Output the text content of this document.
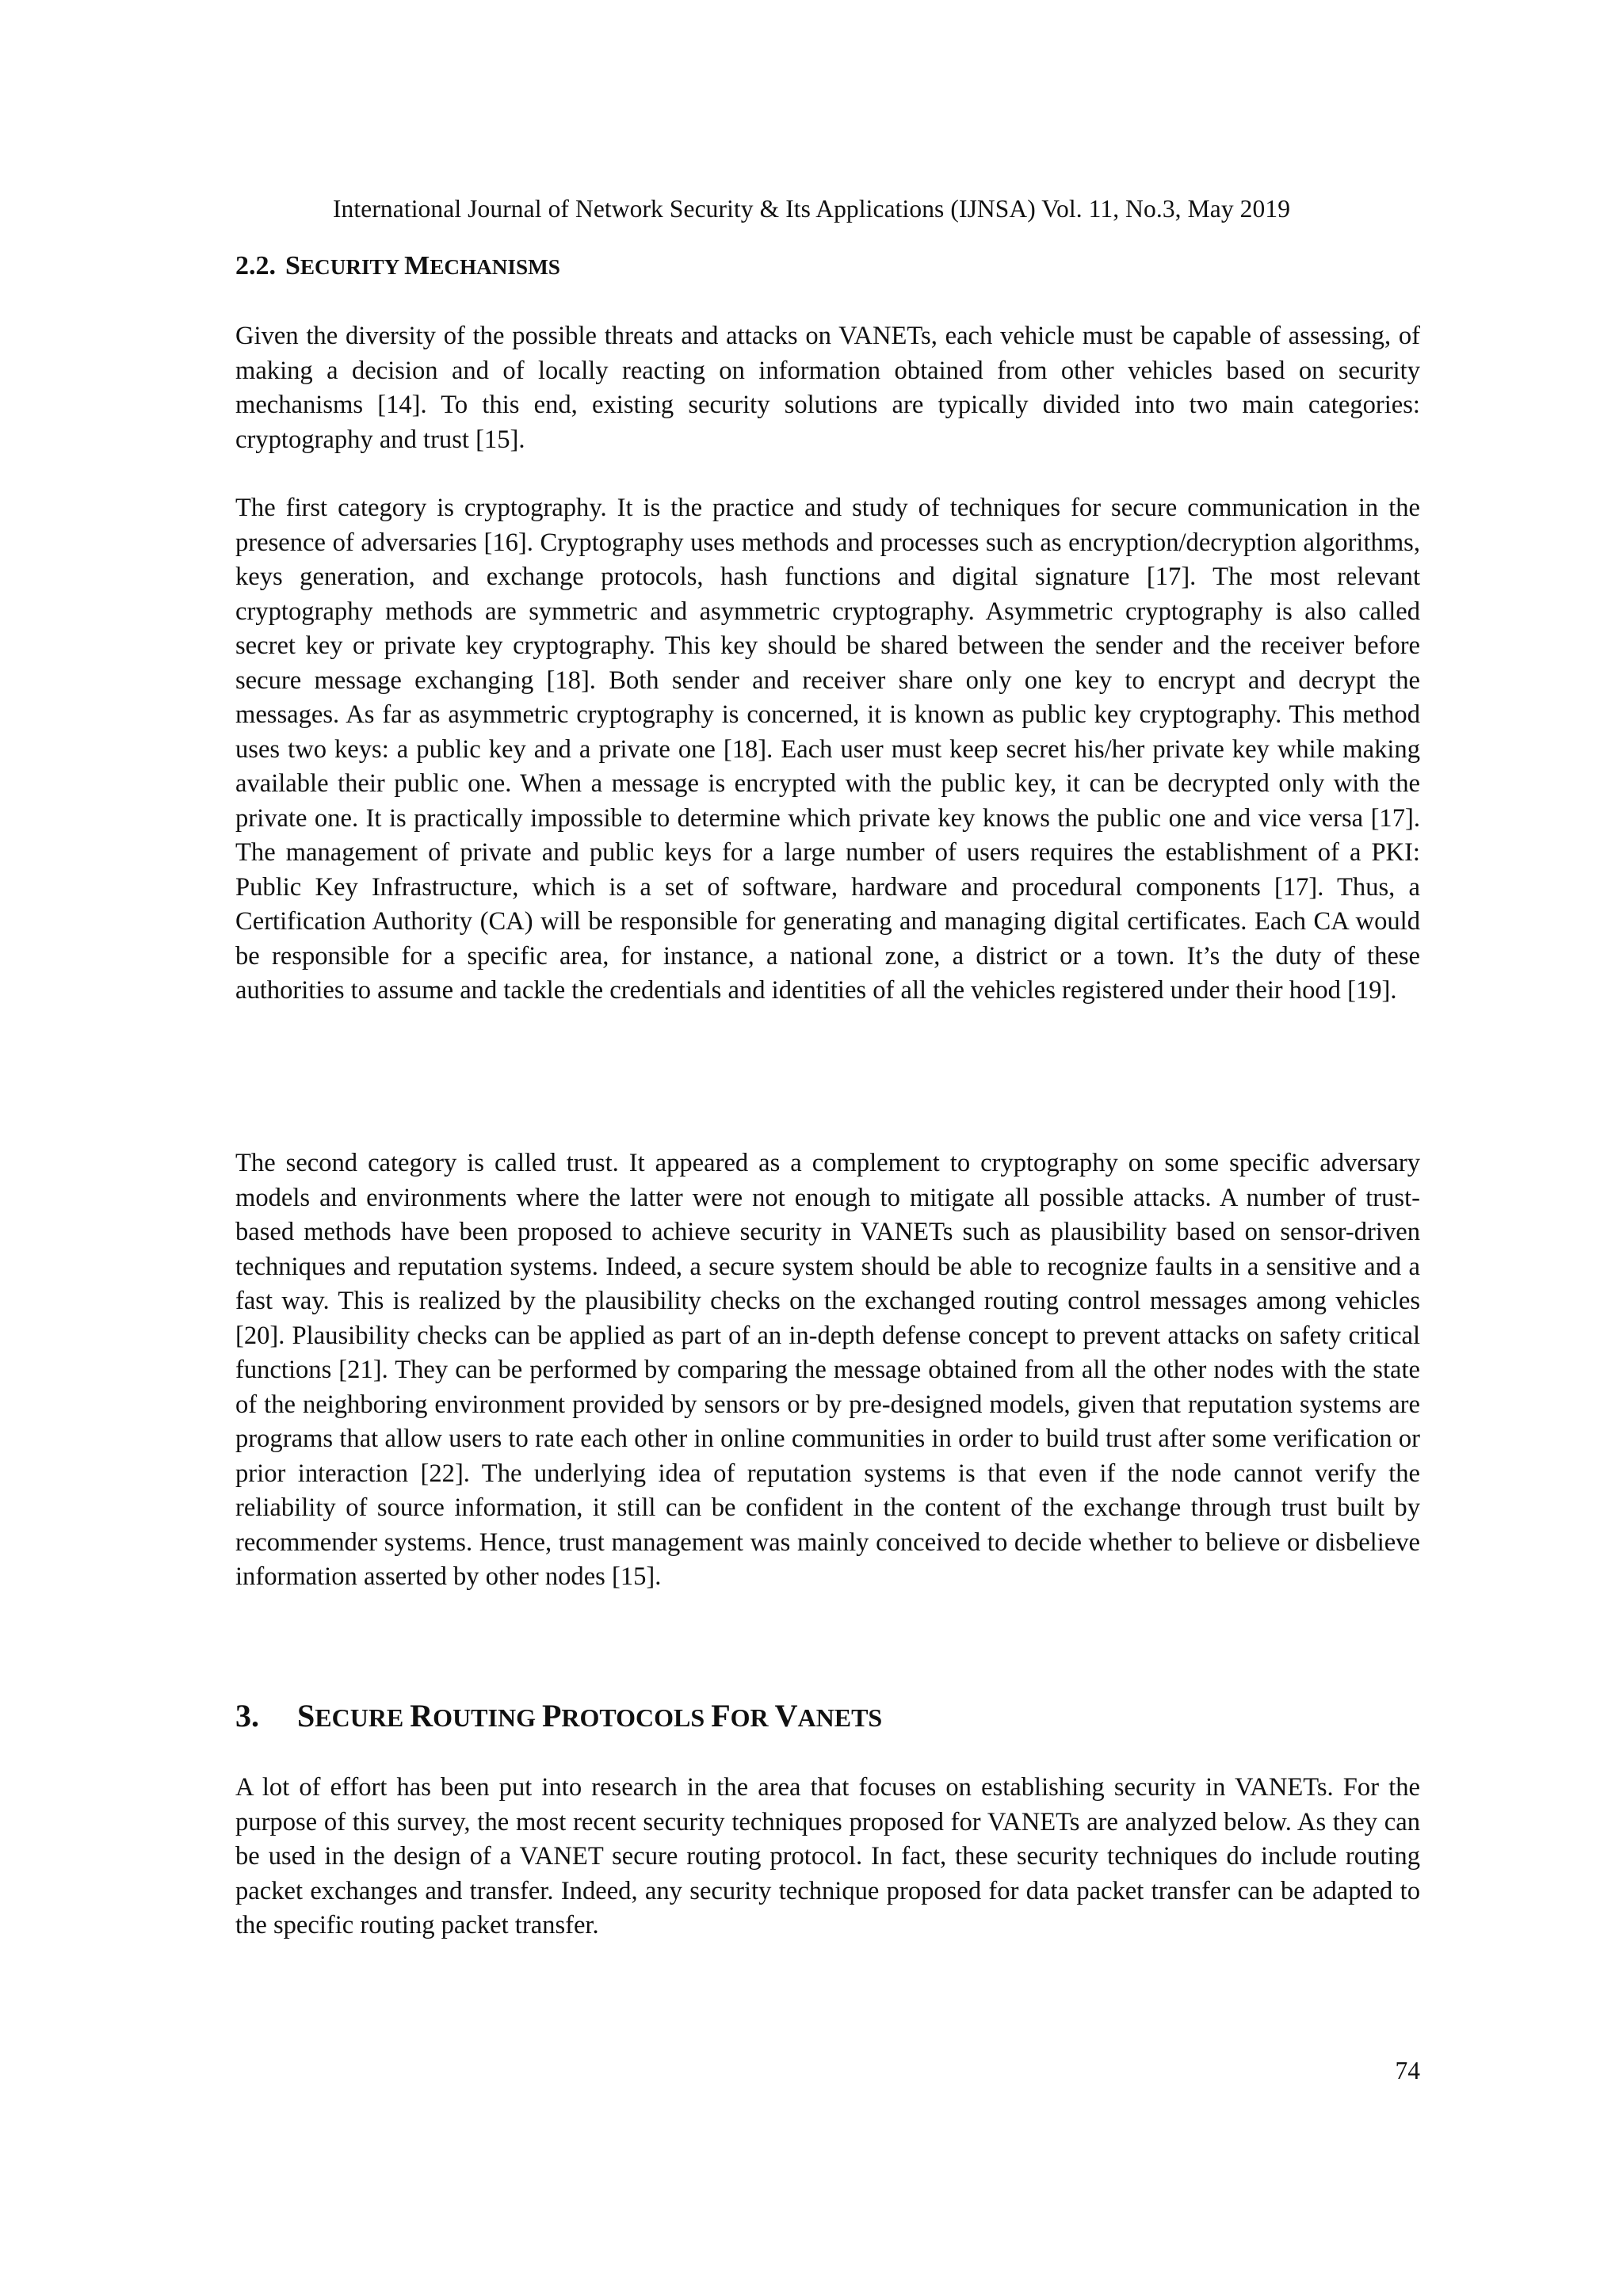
International Journal of Network Security & Its Applications (IJNSA) Vol. 11, No.3, May 2019
2.2. SECURITY MECHANISMS

Given the diversity of the possible threats and attacks on VANETs, each vehicle must be capable of assessing, of making a decision and of locally reacting on information obtained from other vehicles based on security mechanisms [14]. To this end, existing security solutions are typically divided into two main categories: cryptography and trust [15].

The first category is cryptography. It is the practice and study of techniques for secure communication in the presence of adversaries [16]. Cryptography uses methods and processes such as encryption/decryption algorithms, keys generation, and exchange protocols, hash functions and digital signature [17]. The most relevant cryptography methods are symmetric and asymmetric cryptography. Asymmetric cryptography is also called secret key or private key cryptography. This key should be shared between the sender and the receiver before secure message exchanging [18]. Both sender and receiver share only one key to encrypt and decrypt the messages. As far as asymmetric cryptography is concerned, it is known as public key cryptography. This method uses two keys: a public key and a private one [18]. Each user must keep secret his/her private key while making available their public one. When a message is encrypted with the public key, it can be decrypted only with the private one. It is practically impossible to determine which private key knows the public one and vice versa [17]. The management of private and public keys for a large number of users requires the establishment of a PKI: Public Key Infrastructure, which is a set of software, hardware and procedural components [17]. Thus, a Certification Authority (CA) will be responsible for generating and managing digital certificates. Each CA would be responsible for a specific area, for instance, a national zone, a district or a town. It’s the duty of these authorities to assume and tackle the credentials and identities of all the vehicles registered under their hood [19].

The second category is called trust. It appeared as a complement to cryptography on some specific adversary models and environments where the latter were not enough to mitigate all possible attacks. A number of trust-based methods have been proposed to achieve security in VANETs such as plausibility based on sensor-driven techniques and reputation systems. Indeed, a secure system should be able to recognize faults in a sensitive and a fast way. This is realized by the plausibility checks on the exchanged routing control messages among vehicles [20]. Plausibility checks can be applied as part of an in-depth defense concept to prevent attacks on safety critical functions [21]. They can be performed by comparing the message obtained from all the other nodes with the state of the neighboring environment provided by sensors or by pre-designed models, given that reputation systems are programs that allow users to rate each other in online communities in order to build trust after some verification or prior interaction [22]. The underlying idea of reputation systems is that even if the node cannot verify the reliability of source information, it still can be confident in the content of the exchange through trust built by recommender systems. Hence, trust management was mainly conceived to decide whether to believe or disbelieve information asserted by other nodes [15].

3. SECURE ROUTING PROTOCOLS FOR VANETS

A lot of effort has been put into research in the area that focuses on establishing security in VANETs. For the purpose of this survey, the most recent security techniques proposed for VANETs are analyzed below. As they can be used in the design of a VANET secure routing protocol. In fact, these security techniques do include routing packet exchanges and transfer. Indeed, any security technique proposed for data packet transfer can be adapted to the specific routing packet transfer.

74
